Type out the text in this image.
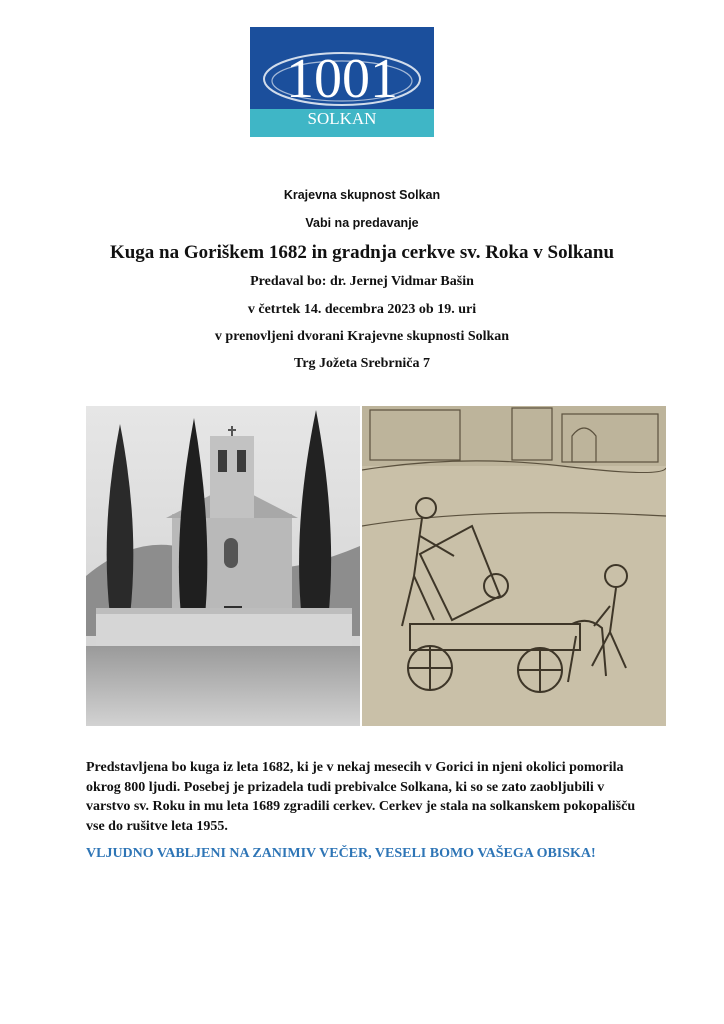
1001
SOLKAN
Krajevna skupnost Solkan
Vabi na predavanje
Kuga na Goriškem 1682 in gradnja cerkve sv. Roka v Solkanu
Predaval bo: dr. Jernej Vidmar Bašin
v četrtek 14. decembra 2023 ob 19. uri
v prenovljeni dvorani Krajevne skupnosti Solkan
Trg Jožeta Srebrniča 7

Predstavljena bo kuga iz leta 1682, ki je v nekaj mesecih v Gorici in njeni okolici pomorila okrog 800 ljudi. Posebej je prizadela tudi prebivalce Solkana, ki so se zato zaobljubili v varstvo sv. Roku in mu leta 1689 zgradili cerkev. Cerkev je stala na solkanskem pokopališču vse do rušitve leta 1955.

VLJUDNO VABLJENI NA ZANIMIV VEČER, VESELI BOMO VAŠEGA OBISKA!
